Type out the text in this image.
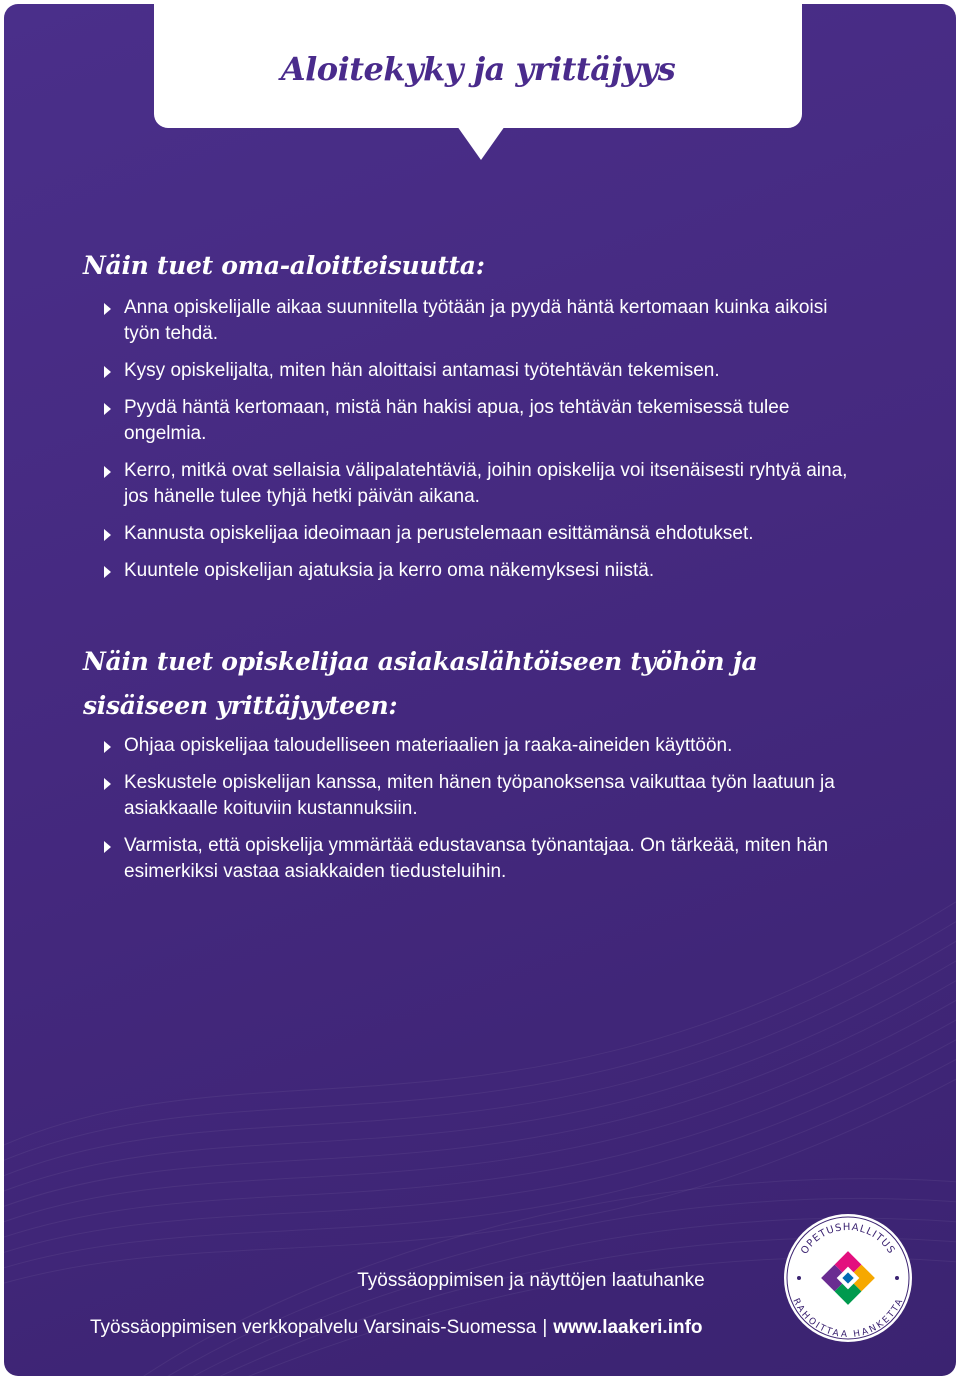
Aloitekyky ja yrittäjyys
Näin tuet oma-aloitteisuutta:
Anna opiskelijalle aikaa suunnitella työtään ja pyydä häntä kertomaan kuinka aikoisi työn tehdä.
Kysy opiskelijalta, miten hän aloittaisi antamasi työtehtävän tekemisen.
Pyydä häntä kertomaan, mistä hän hakisi apua, jos tehtävän tekemisessä tulee ongelmia.
Kerro, mitkä ovat sellaisia välipalatehtäviä, joihin opiskelija voi itsenäisesti ryhtyä aina, jos hänelle tulee tyhjä hetki päivän aikana.
Kannusta opiskelijaa ideoimaan ja perustelemaan esittämänsä ehdotukset.
Kuuntele opiskelijan ajatuksia ja kerro oma näkemyksesi niistä.
Näin tuet opiskelijaa asiakaslähtöiseen työhön ja
sisäiseen yrittäjyyteen:
Ohjaa opiskelijaa taloudelliseen materiaalien ja raaka-aineiden käyttöön.
Keskustele opiskelijan kanssa, miten hänen työpanoksensa vaikuttaa työn laatuun ja asiakkaalle koituviin kustannuksiin.
Varmista, että opiskelija ymmärtää edustavansa työnantajaa. On tärkeää, miten hän esimerkiksi vastaa asiakkaiden tiedusteluihin.
Työssäoppimisen ja näyttöjen laatuhanke
Työssäoppimisen verkkopalvelu Varsinais-Suomessa | www.laakeri.info
OPETUSHALLITUS
RAHOITTAA HANKETTA
